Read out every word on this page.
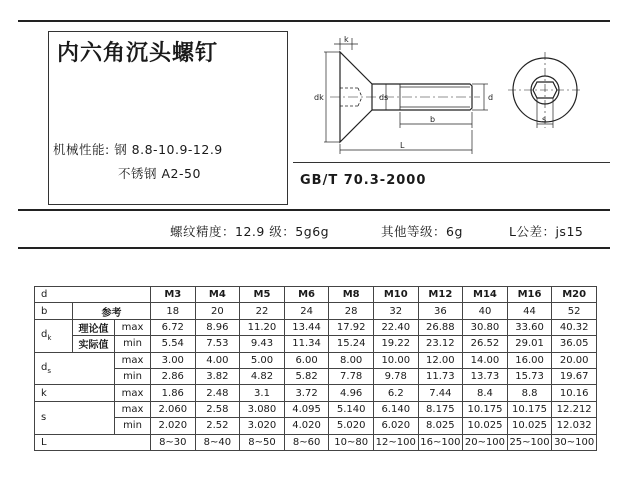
内六角沉头螺钉
机械性能: 钢 8.8-10.9-12.9
不锈钢 A2-50
k
dk	ds	d
b
L
s
GB/T 70.3-2000
螺纹精度：12.9 级：5g6g	其他等级：6g	L公差：js15
d			M3	M4	M5	M6	M8	M10	M12	M14	M16	M20
b	参考		18	20	22	24	28	32	36	40	44	52
$d_k$	理论值	max	6.72	8.96	11.20	13.44	17.92	22.40	26.88	30.80	33.60	40.32
	实际值	min	5.54	7.53	9.43	11.34	15.24	19.22	23.12	26.52	29.01	36.05
$d_s$		max	3.00	4.00	5.00	6.00	8.00	10.00	12.00	14.00	16.00	20.00
		min	2.86	3.82	4.82	5.82	7.78	9.78	11.73	13.73	15.73	19.67
k		max	1.86	2.48	3.1	3.72	4.96	6.2	7.44	8.4	8.8	10.16
s		max	2.060	2.58	3.080	4.095	5.140	6.140	8.175	10.175	10.175	12.212
		min	2.020	2.52	3.020	4.020	5.020	6.020	8.025	10.025	10.025	12.032
L			8~30	8~40	8~50	8~60	10~80	12~100	16~100	20~100	25~100	30~100
